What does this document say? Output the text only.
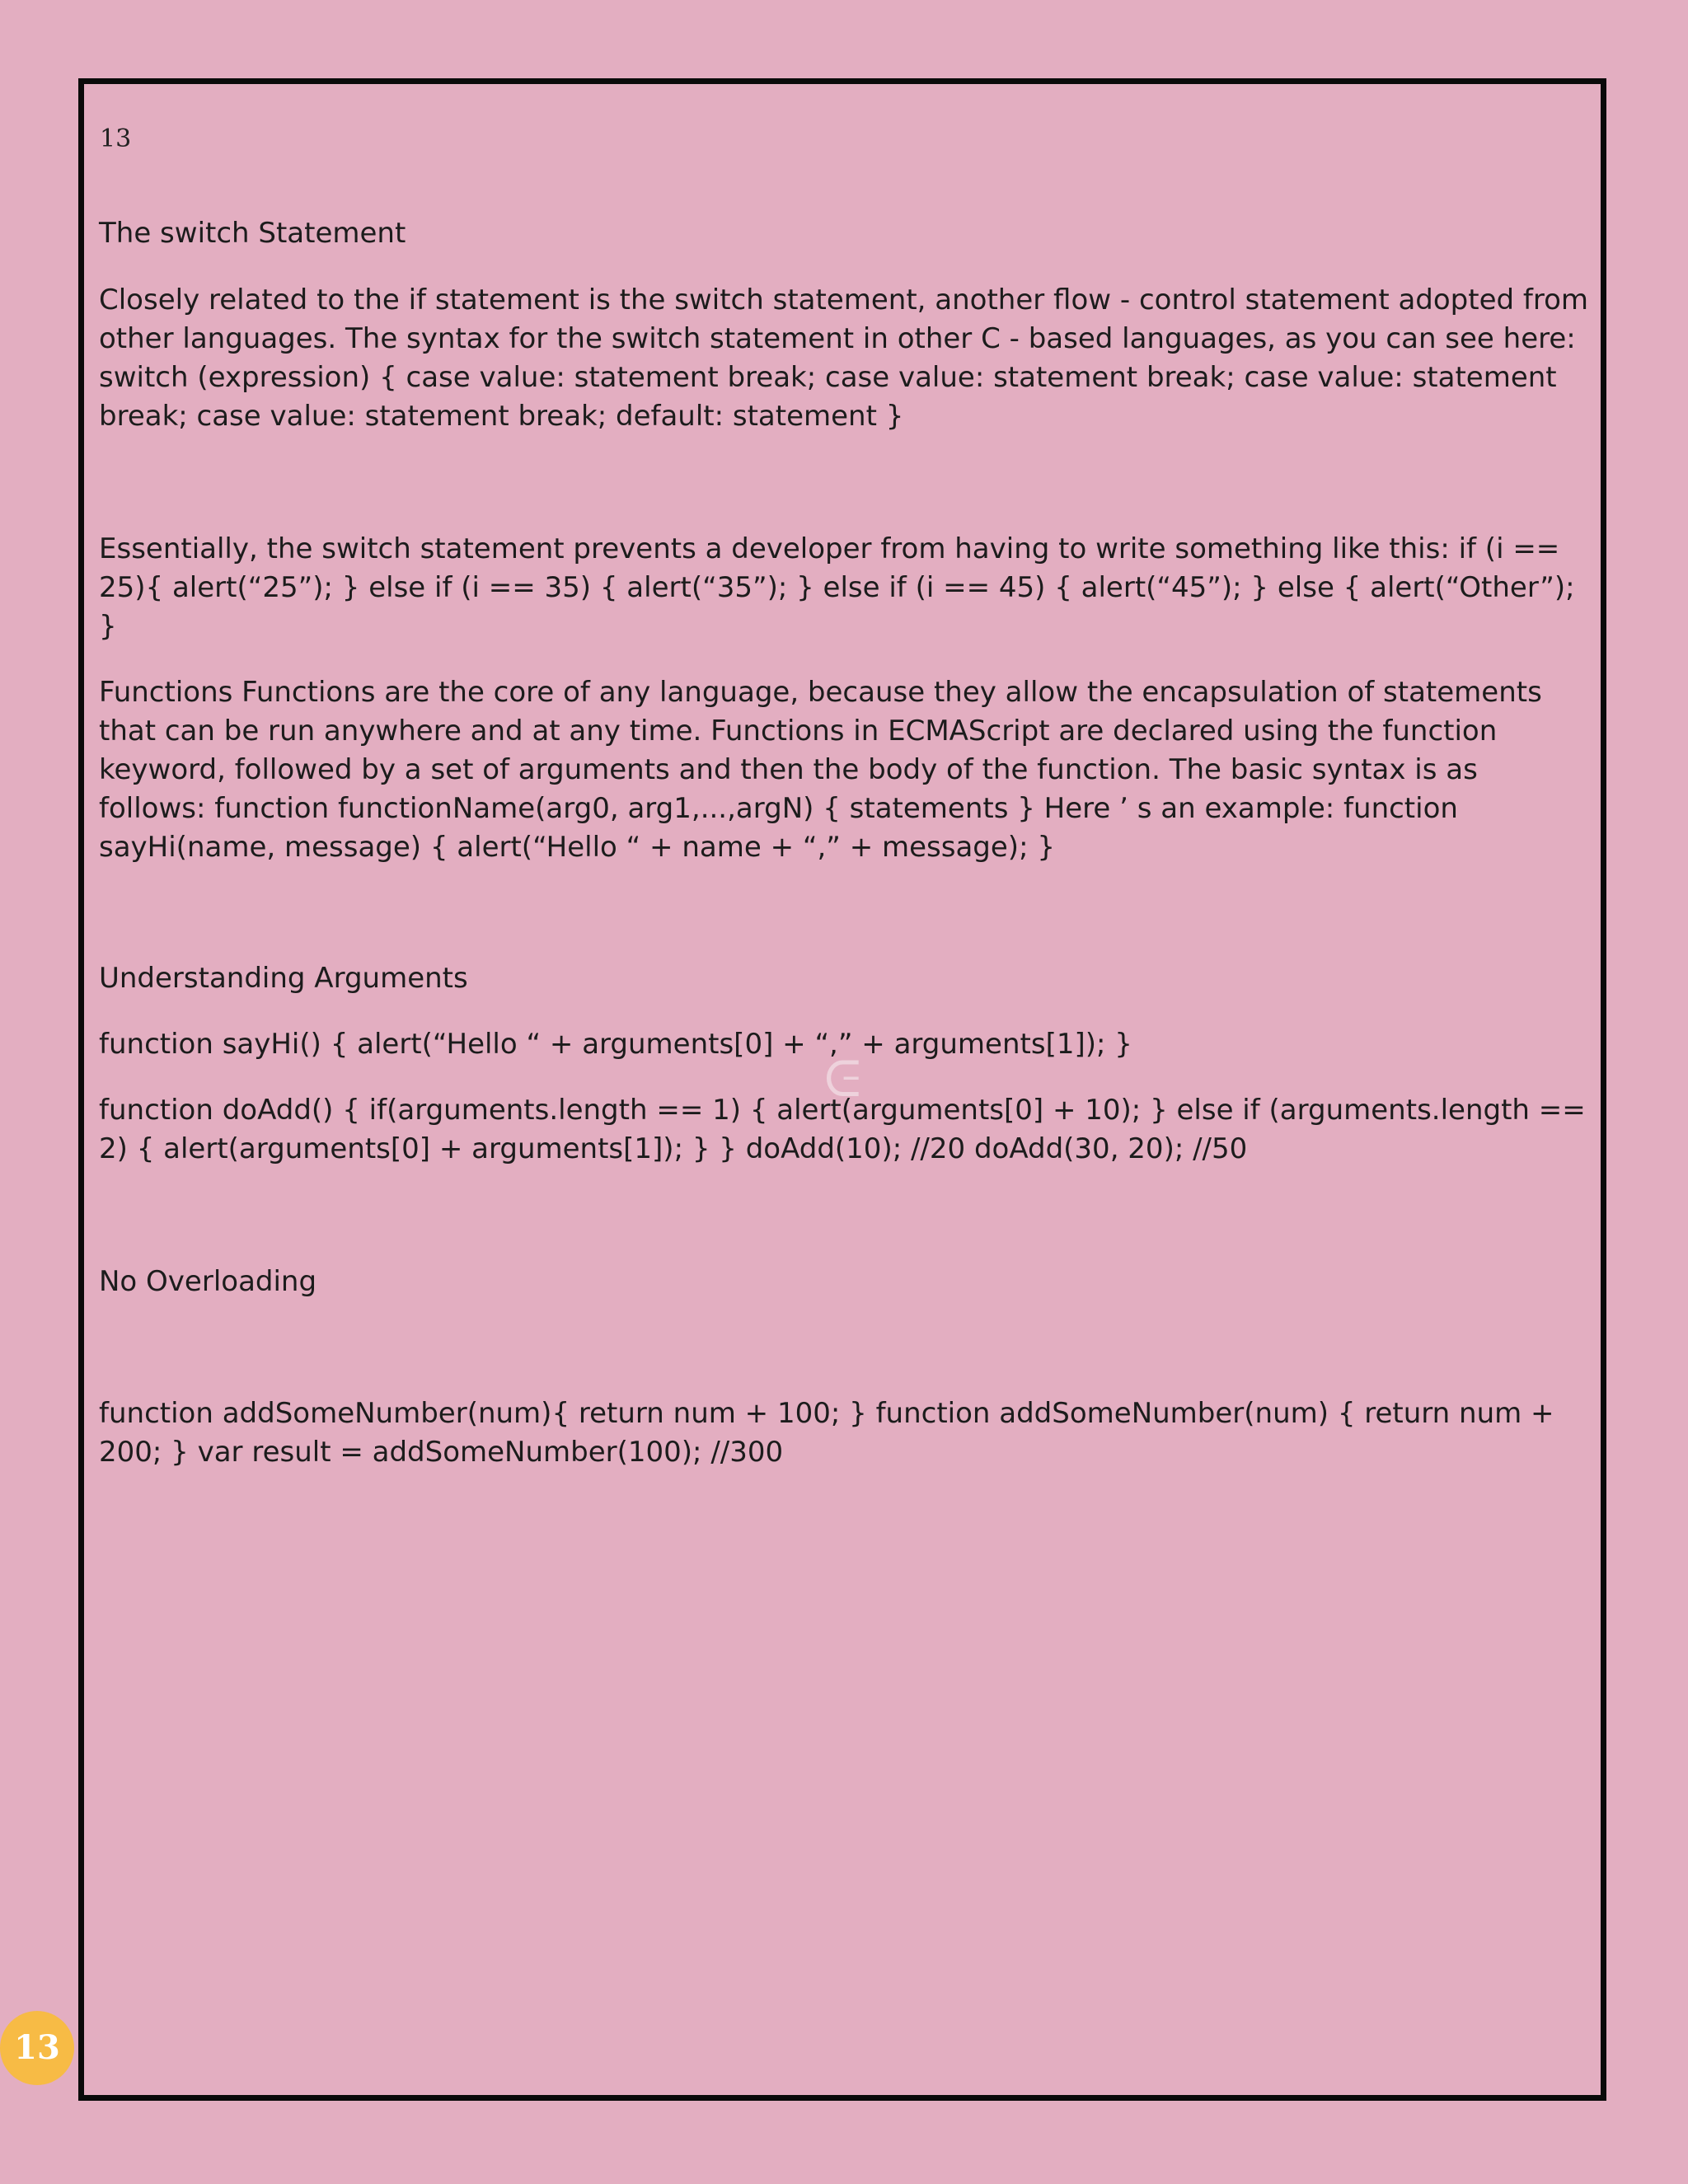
13

The switch Statement

Closely related to the if statement is the switch statement, another flow - control statement adopted from other languages. The syntax for the switch statement in other C - based languages, as you can see here: switch (expression) { case value: statement break; case value: statement break; case value: statement break; case value: statement break; default: statement }

Essentially, the switch statement prevents a developer from having to write something like this: if (i == 25){ alert(“25”); } else if (i == 35) { alert(“35”); } else if (i == 45) { alert(“45”); } else { alert(“Other”); }

Functions Functions are the core of any language, because they allow the encapsulation of statements that can be run anywhere and at any time. Functions in ECMAScript are declared using the function keyword, followed by a set of arguments and then the body of the function. The basic syntax is as follows: function functionName(arg0, arg1,...,argN) { statements } Here ’ s an example: function sayHi(name, message) { alert(“Hello “ + name + “,” + message); }

Understanding Arguments

function sayHi() { alert(“Hello “ + arguments[0] + “,” + arguments[1]); }

function doAdd() { if(arguments.length == 1) { alert(arguments[0] + 10); } else if (arguments.length == 2) { alert(arguments[0] + arguments[1]); } } doAdd(10); //20 doAdd(30, 20); //50

No Overloading

function addSomeNumber(num){ return num + 100; } function addSomeNumber(num) { return num + 200; } var result = addSomeNumber(100); //300

ᕮ
13
